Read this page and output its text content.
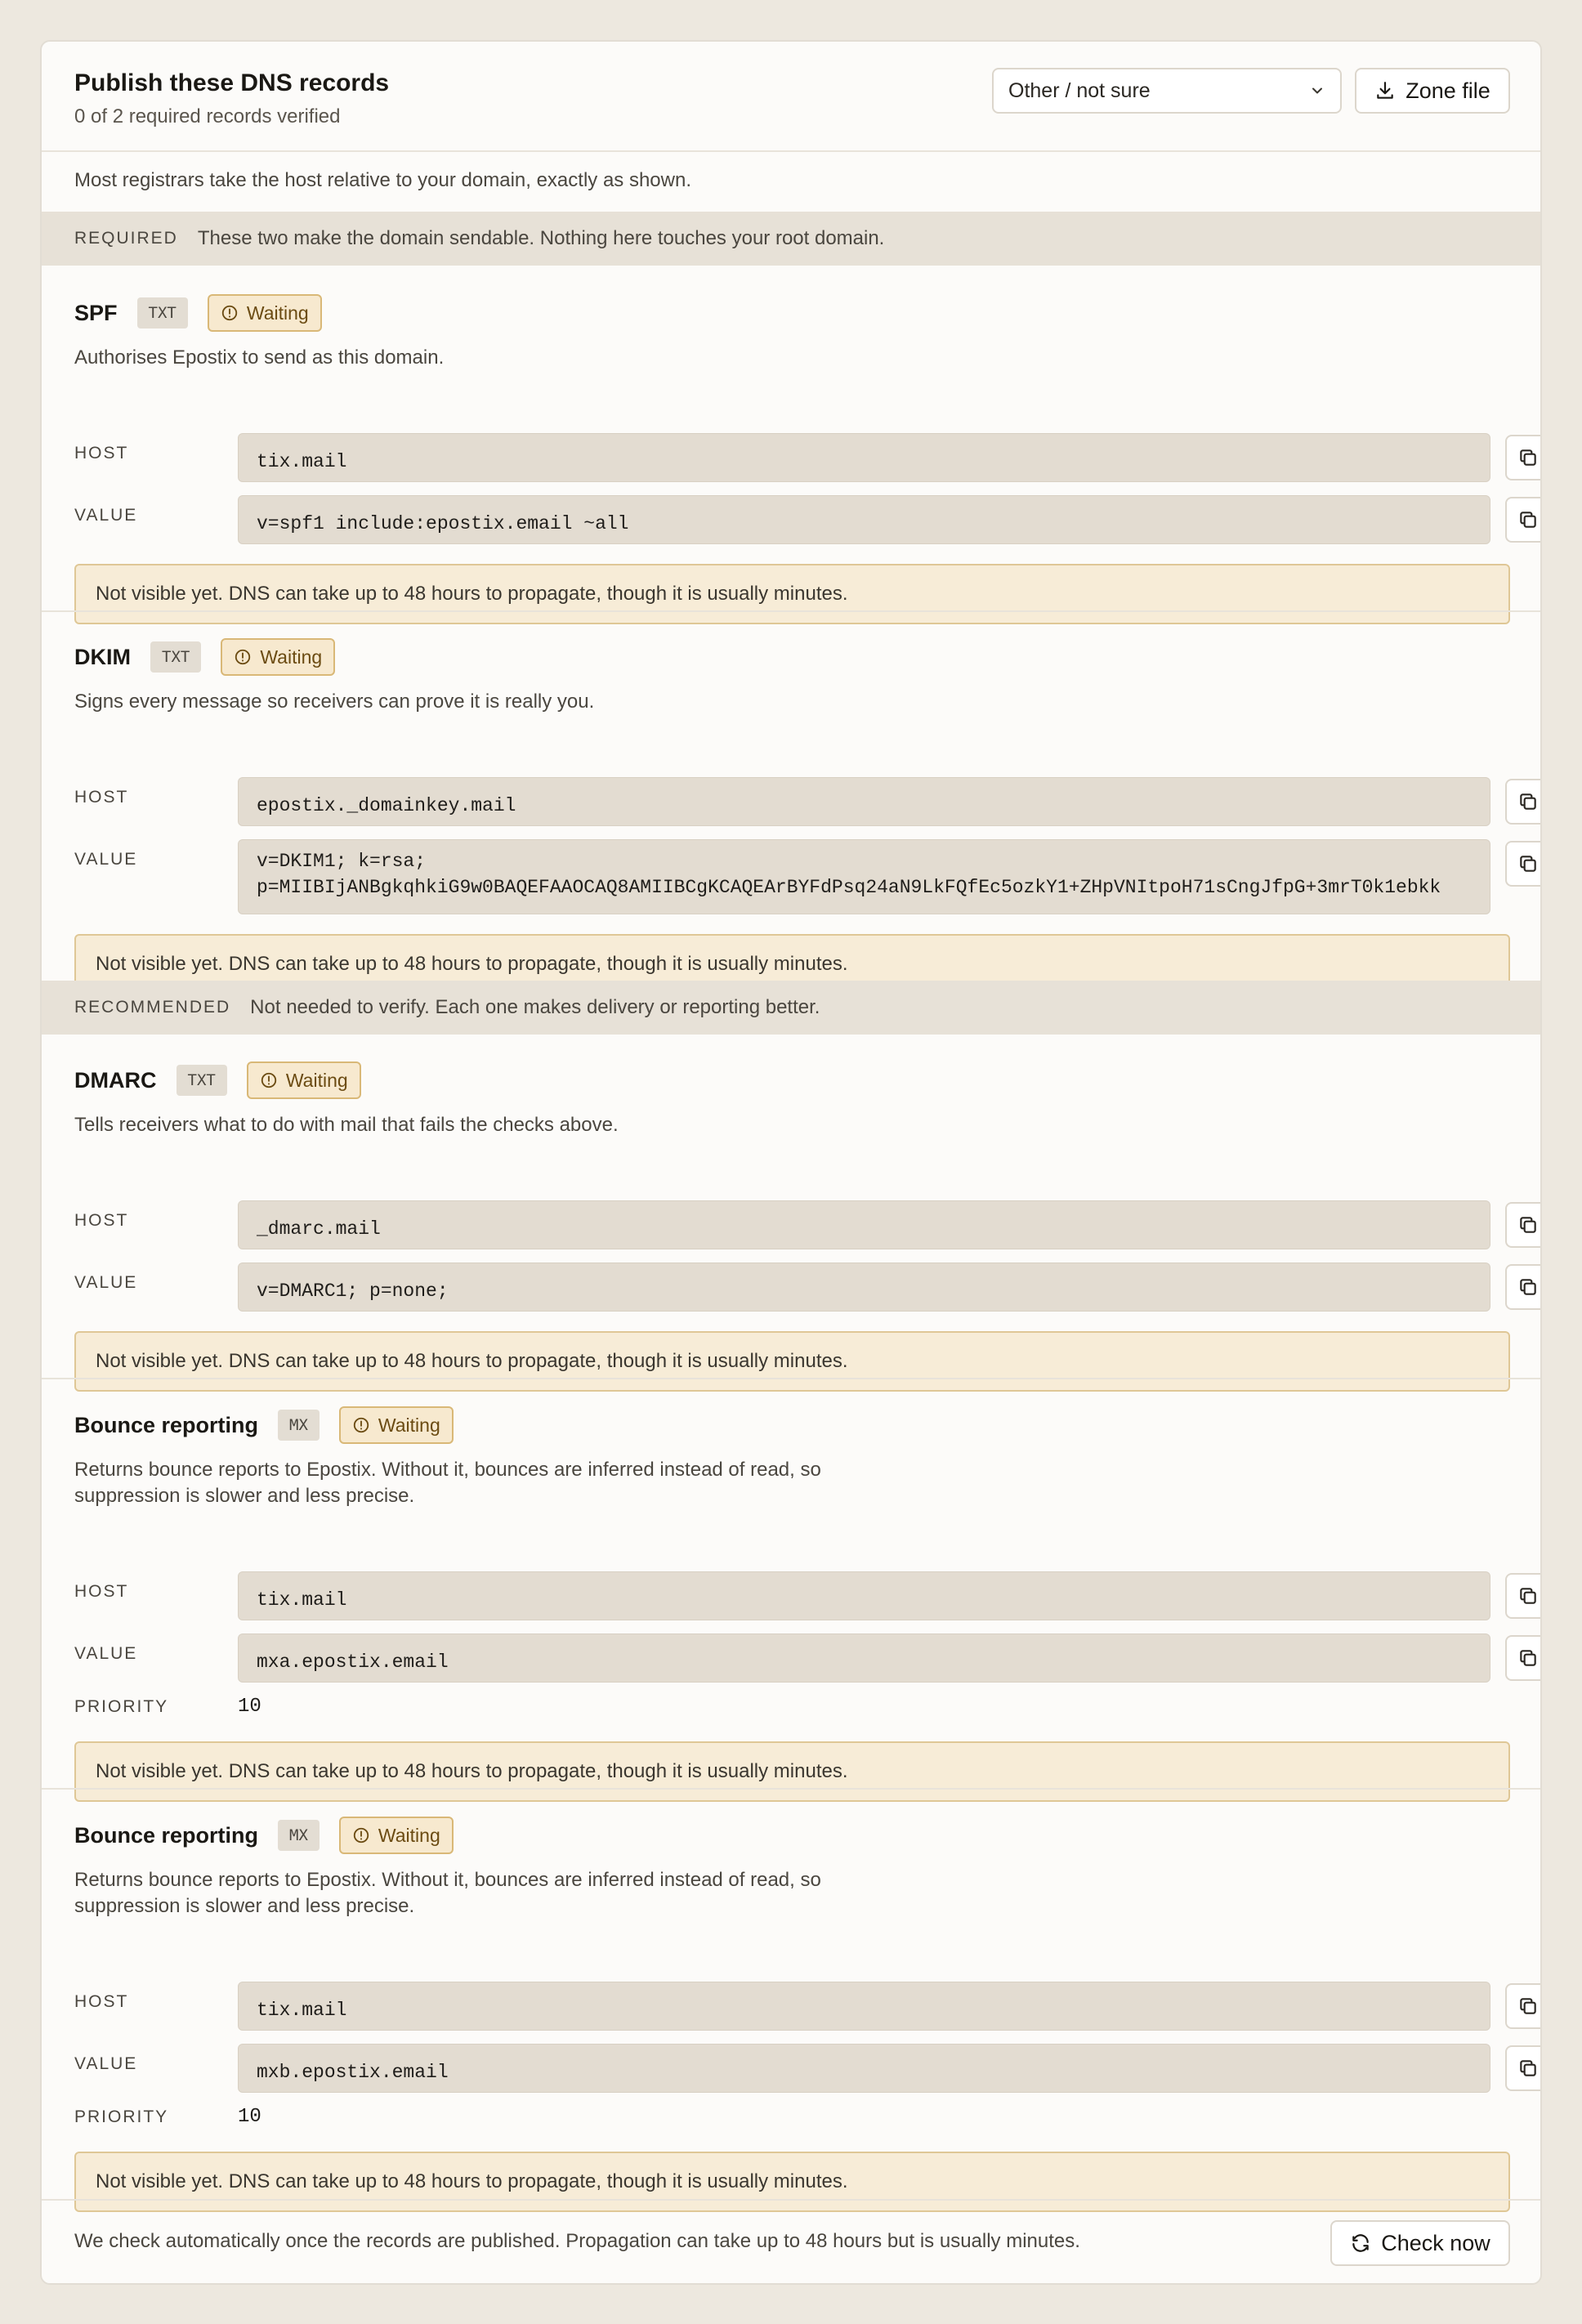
Publish these DNS records
0 of 2 required records verified
Other / not sure	Zone file
Most registrars take the host relative to your domain, exactly as shown.
REQUIRED These two make the domain sendable. Nothing here touches your root domain.
SPF	TXT	Waiting
Authorises Epostix to send as this domain.
HOST	tix.mail
VALUE	v=spf1 include:epostix.email ~all
Not visible yet. DNS can take up to 48 hours to propagate, though it is usually minutes.
DKIM	TXT	Waiting
Signs every message so receivers can prove it is really you.
HOST	epostix._domainkey.mail
VALUE	v=DKIM1; k=rsa;
p=MIIBIjANBgkqhkiG9w0BAQEFAAOCAQ8AMIIBCgKCAQEArBYFdPsq24aN9LkFQfEc5ozkY1+ZHpVNItpoH71sCngJfpG+3mrT0k1ebkk
Not visible yet. DNS can take up to 48 hours to propagate, though it is usually minutes.
RECOMMENDED Not needed to verify. Each one makes delivery or reporting better.
DMARC	TXT	Waiting
Tells receivers what to do with mail that fails the checks above.
HOST	_dmarc.mail
VALUE	v=DMARC1; p=none;
Not visible yet. DNS can take up to 48 hours to propagate, though it is usually minutes.
Bounce reporting	MX	Waiting
Returns bounce reports to Epostix. Without it, bounces are inferred instead of read, so suppression is slower and less precise.
HOST	tix.mail
VALUE	mxa.epostix.email
PRIORITY	10
Not visible yet. DNS can take up to 48 hours to propagate, though it is usually minutes.
Bounce reporting	MX	Waiting
Returns bounce reports to Epostix. Without it, bounces are inferred instead of read, so suppression is slower and less precise.
HOST	tix.mail
VALUE	mxb.epostix.email
PRIORITY	10
Not visible yet. DNS can take up to 48 hours to propagate, though it is usually minutes.
We check automatically once the records are published. Propagation can take up to 48 hours but is usually minutes.	Check now
